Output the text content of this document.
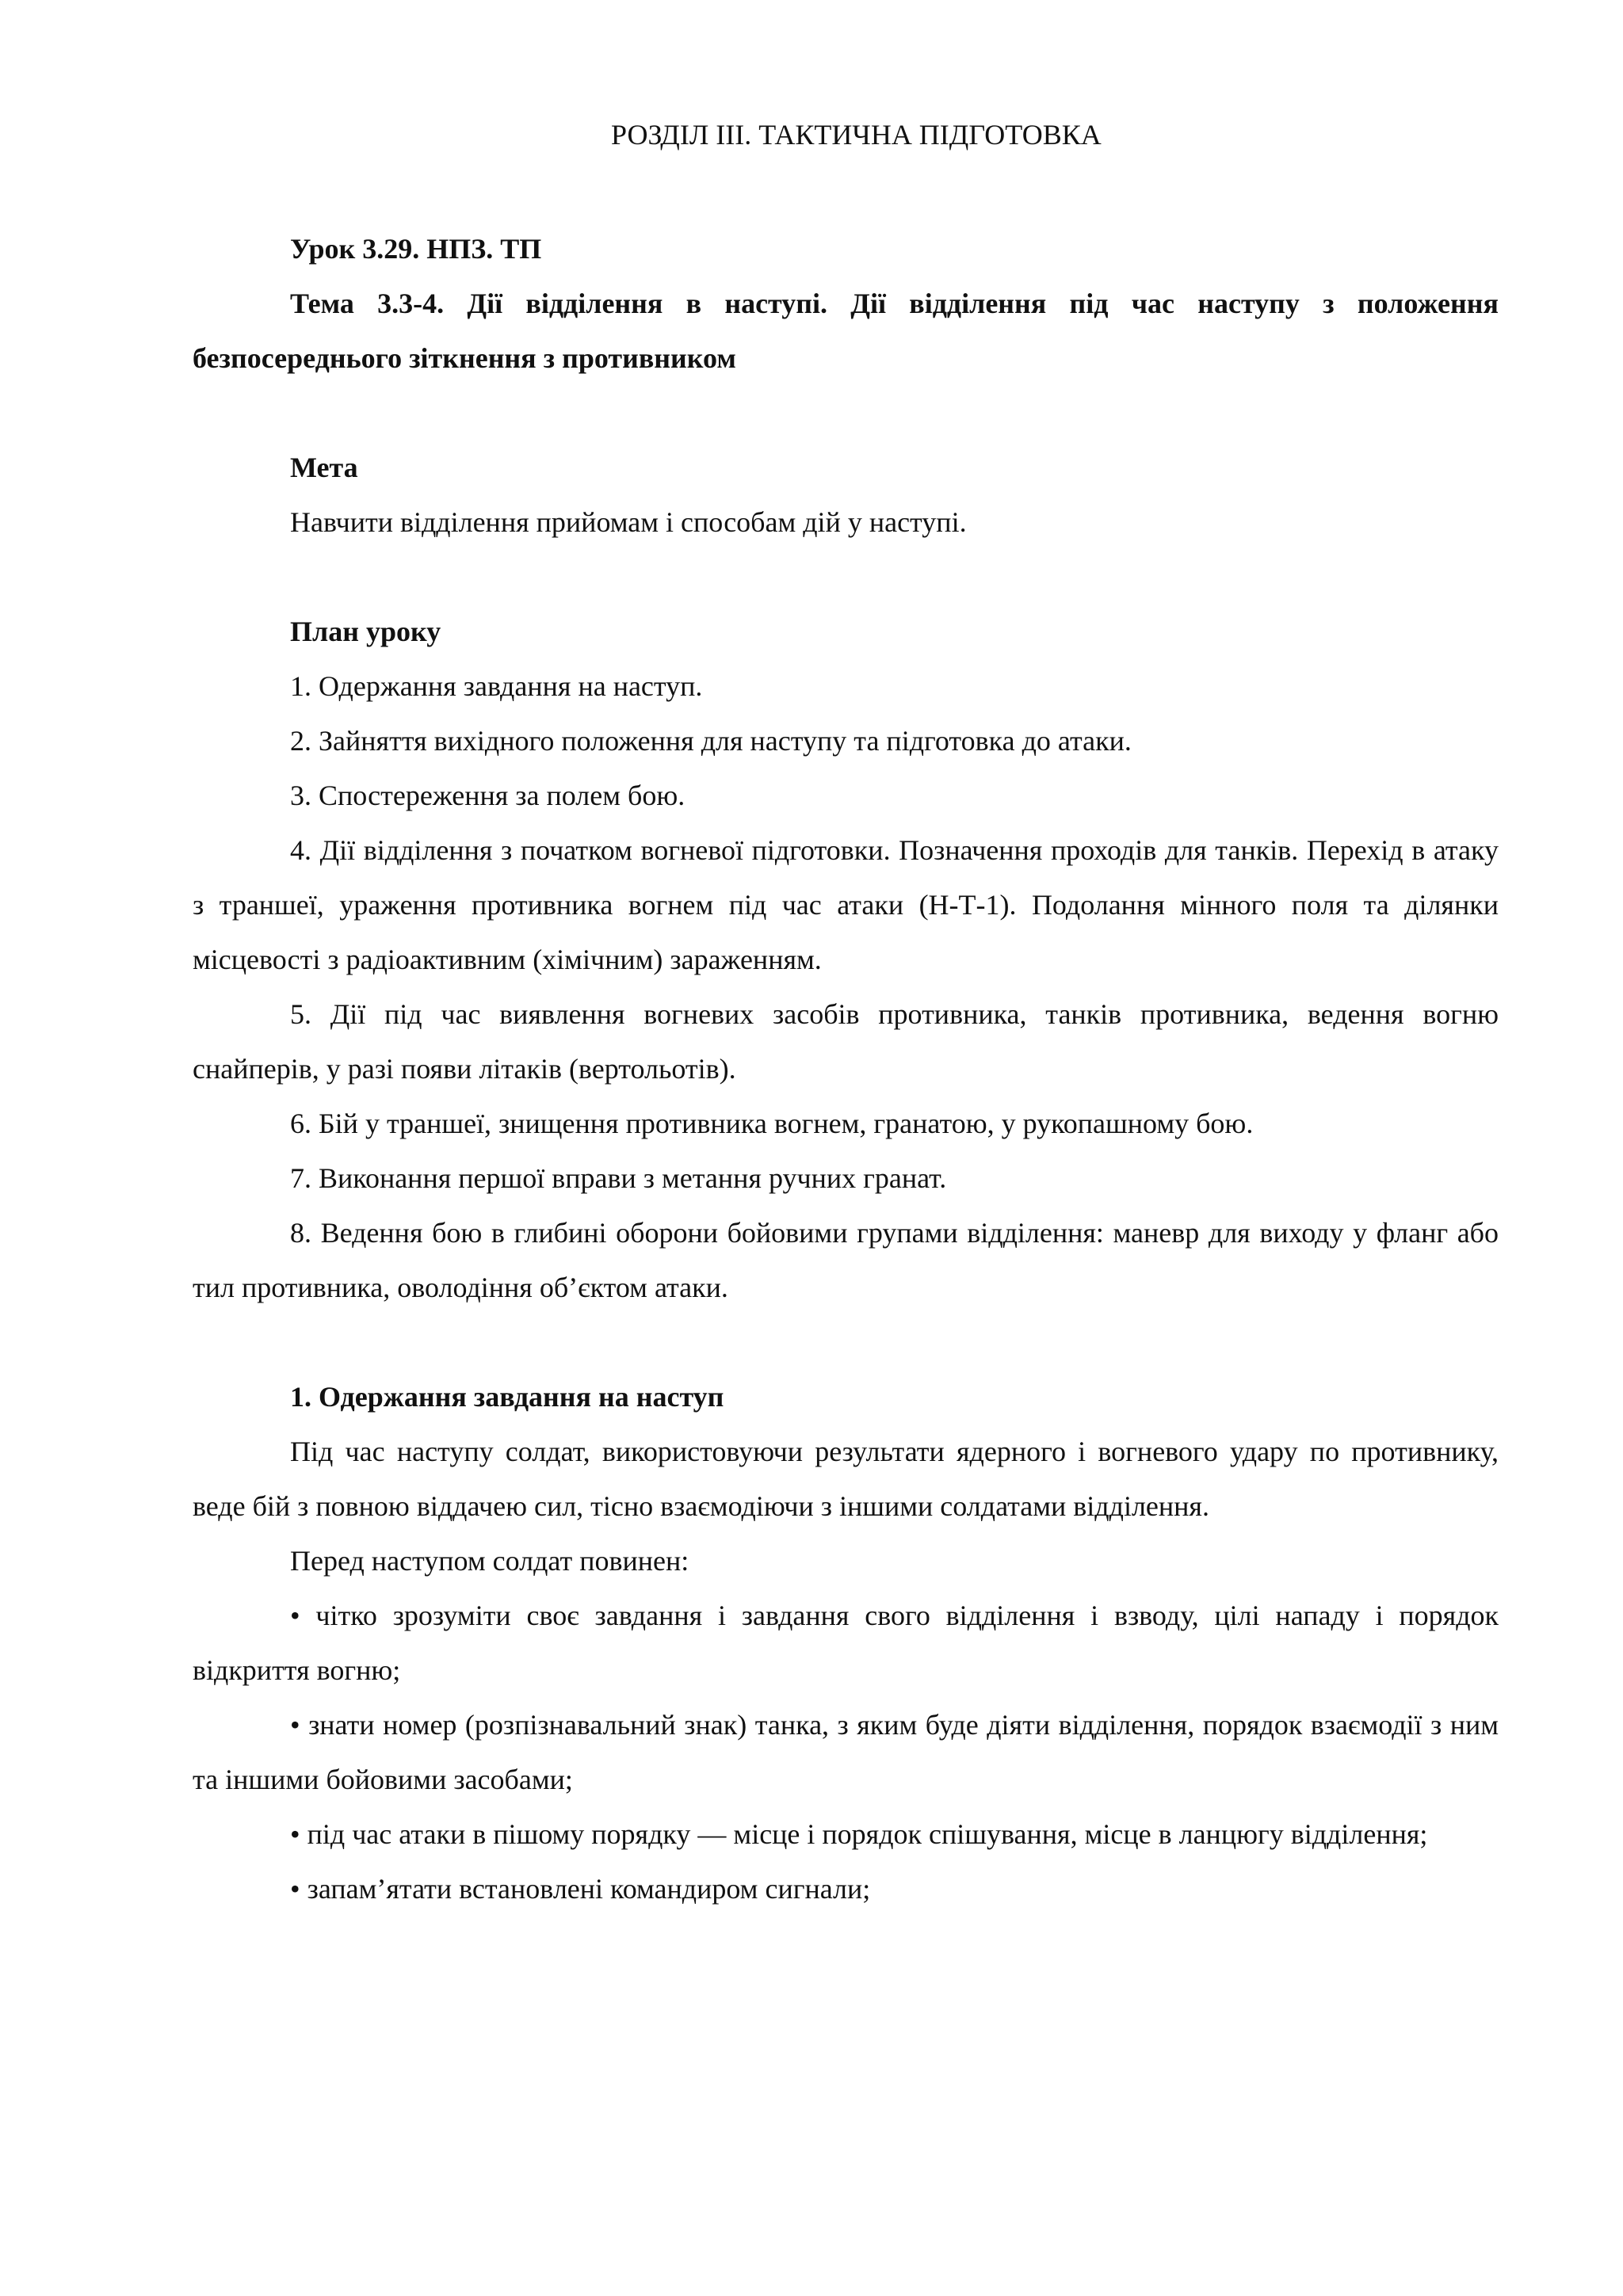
РОЗДІЛ ІІІ. ТАКТИЧНА ПІДГОТОВКА
Урок 3.29. НПЗ. ТП
Тема 3.3-4. Дії відділення в наступі. Дії відділення під час наступу з положення безпосереднього зіткнення з противником
Мета
Навчити відділення прийомам і способам дій у наступі.
План уроку
1. Одержання завдання на наступ.
2. Зайняття вихідного положення для наступу та підготовка до атаки.
3. Спостереження за полем бою.
4. Дії відділення з початком вогневої підготовки. Позначення проходів для танків. Перехід в атаку з траншеї, ураження противника вогнем під час атаки (Н-Т-1). Подолання мінного поля та ділянки місцевості з радіоактивним (хімічним) зараженням.
5. Дії під час виявлення вогневих засобів противника, танків противника, ведення вогню снайперів, у разі появи літаків (вертольотів).
6. Бій у траншеї, знищення противника вогнем, гранатою, у рукопашному бою.
7. Виконання першої вправи з метання ручних гранат.
8. Ведення бою в глибині оборони бойовими групами відділення: маневр для виходу у фланг або тил противника, оволодіння об’єктом атаки.
1. Одержання завдання на наступ
Під час наступу солдат, використовуючи результати ядерного і вогневого удару по противнику, веде бій з повною віддачею сил, тісно взаємодіючи з іншими солдатами відділення.
Перед наступом солдат повинен:
• чітко зрозуміти своє завдання і завдання свого відділення і взводу, цілі нападу і порядок відкриття вогню;
• знати номер (розпізнавальний знак) танка, з яким буде діяти відділення, порядок взаємодії з ним та іншими бойовими засобами;
• під час атаки в пішому порядку — місце і порядок спішування, місце в ланцюгу відділення;
• запам’ятати встановлені командиром сигнали;
